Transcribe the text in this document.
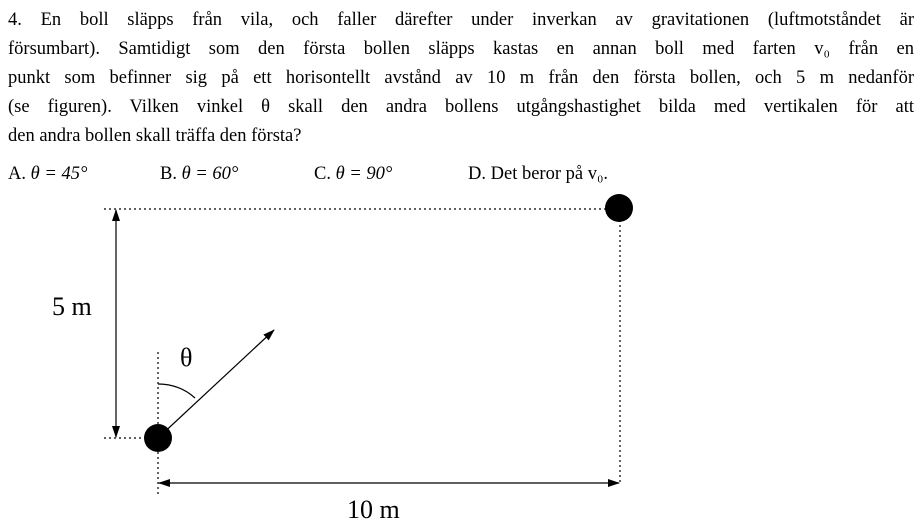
4. En boll släpps från vila, och faller därefter under inverkan av gravitationen (luftmotståndet är
försumbart). Samtidigt som den första bollen släpps kastas en annan boll med farten v₀ från en
punkt som befinner sig på ett horisontellt avstånd av 10 m från den första bollen, och 5 m nedanför
(se figuren). Vilken vinkel θ skall den andra bollens utgångshastighet bilda med vertikalen för att
den andra bollen skall träffa den första?
A. θ = 45°	B. θ = 60°	C. θ = 90°	D. Det beror på v₀.
5 m
10 m
θ
